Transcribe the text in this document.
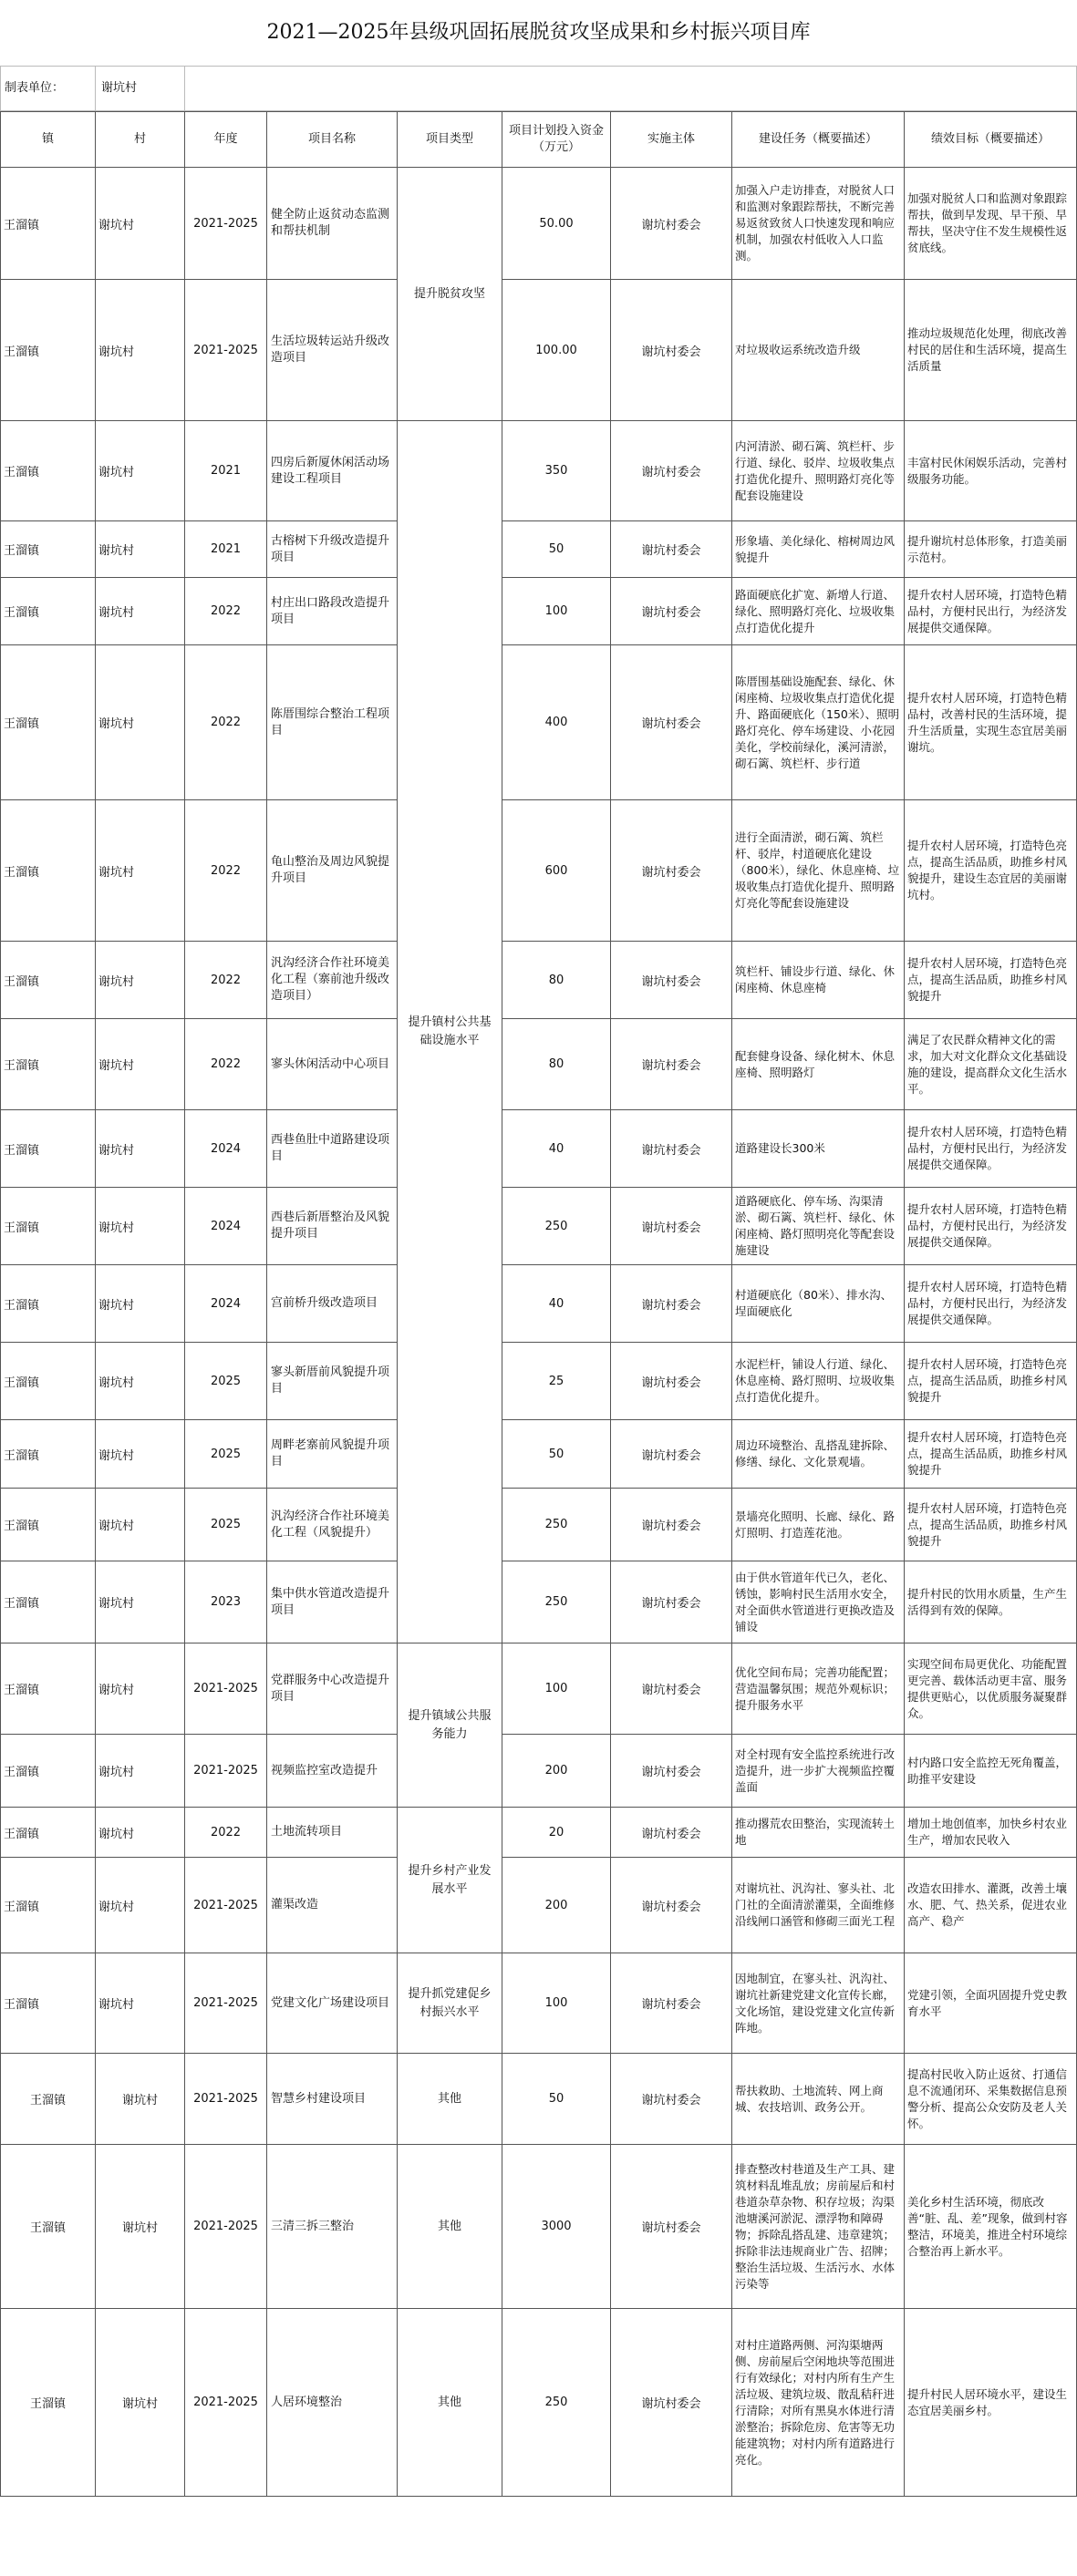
2021—2025年县级巩固拓展脱贫攻坚成果和乡村振兴项目库
制表单位：	谢坑村
镇	村	年度	项目名称	项目类型	项目计划投入资金（万元）	实施主体	建设任务（概要描述）	绩效目标（概要描述）
王溜镇	谢坑村	2021-2025	健全防止返贫动态监测和帮扶机制	提升脱贫攻坚	50.00	谢坑村委会	加强入户走访排查，对脱贫人口和监测对象跟踪帮扶，不断完善易返贫致贫人口快速发现和响应机制，加强农村低收入人口监测。	加强对脱贫人口和监测对象跟踪帮扶，做到早发现、早干预、早帮扶，坚决守住不发生规模性返贫底线。
王溜镇	谢坑村	2021-2025	生活垃圾转运站升级改造项目		100.00	谢坑村委会	对垃圾收运系统改造升级	推动垃圾规范化处理，彻底改善村民的居住和生活环境，提高生活质量
王溜镇	谢坑村	2021	四房后新厦休闲活动场建设工程项目	提升镇村公共基础设施水平	350	谢坑村委会	内河清淤、砌石篱、筑栏杆、步行道、绿化、驳岸、垃圾收集点打造优化提升、照明路灯亮化等配套设施建设	丰富村民休闲娱乐活动，完善村级服务功能。
王溜镇	谢坑村	2021	古榕树下升级改造提升项目		50	谢坑村委会	形象墙、美化绿化、榕树周边风貌提升	提升谢坑村总体形象，打造美丽示范村。
王溜镇	谢坑村	2022	村庄出口路段改造提升项目		100	谢坑村委会	路面硬底化扩宽、新增人行道、绿化、照明路灯亮化、垃圾收集点打造优化提升	提升农村人居环境，打造特色精品村，方便村民出行，为经济发展提供交通保障。
王溜镇	谢坑村	2022	陈厝围综合整治工程项目		400	谢坑村委会	陈厝围基础设施配套、绿化、休闲座椅、垃圾收集点打造优化提升、路面硬底化（150米）、照明路灯亮化、停车场建设、小花园美化，学校前绿化，溪河清淤，砌石篱、筑栏杆、步行道	提升农村人居环境，打造特色精品村，改善村民的生活环境，提升生活质量，实现生态宜居美丽谢坑。
王溜镇	谢坑村	2022	龟山整治及周边风貌提升项目		600	谢坑村委会	进行全面清淤，砌石篱、筑栏杆、驳岸，村道硬底化建设（800米），绿化、休息座椅、垃圾收集点打造优化提升、照明路灯亮化等配套设施建设	提升农村人居环境，打造特色亮点，提高生活品质，助推乡村风貌提升，建设生态宜居的美丽谢坑村。
王溜镇	谢坑村	2022	汎沟经济合作社环境美化工程（寨前池升级改造项目）		80	谢坑村委会	筑栏杆、铺设步行道、绿化、休闲座椅、休息座椅	提升农村人居环境，打造特色亮点，提高生活品质，助推乡村风貌提升
王溜镇	谢坑村	2022	寥头休闲活动中心项目		80	谢坑村委会	配套健身设备、绿化树木、休息座椅、照明路灯	满足了农民群众精神文化的需求，加大对文化群众文化基础设施的建设，提高群众文化生活水平。
王溜镇	谢坑村	2024	西巷鱼肚中道路建设项目		40	谢坑村委会	道路建设长300米	提升农村人居环境，打造特色精品村，方便村民出行，为经济发展提供交通保障。
王溜镇	谢坑村	2024	西巷后新厝整治及风貌提升项目		250	谢坑村委会	道路硬底化、停车场、沟渠清淤、砌石篱、筑栏杆、绿化、休闲座椅、路灯照明亮化等配套设施建设	提升农村人居环境，打造特色精品村，方便村民出行，为经济发展提供交通保障。
王溜镇	谢坑村	2024	宫前桥升级改造项目		40	谢坑村委会	村道硬底化（80米）、排水沟、埕面硬底化	提升农村人居环境，打造特色精品村，方便村民出行，为经济发展提供交通保障。
王溜镇	谢坑村	2025	寥头新厝前风貌提升项目		25	谢坑村委会	水泥栏杆，铺设人行道、绿化、休息座椅、路灯照明、垃圾收集点打造优化提升。	提升农村人居环境，打造特色亮点，提高生活品质，助推乡村风貌提升
王溜镇	谢坑村	2025	周畔老寨前风貌提升项目		50	谢坑村委会	周边环境整治、乱搭乱建拆除、修缮、绿化、文化景观墙。	提升农村人居环境，打造特色亮点，提高生活品质，助推乡村风貌提升
王溜镇	谢坑村	2025	汎沟经济合作社环境美化工程（风貌提升）		250	谢坑村委会	景墙亮化照明、长廊、绿化、路灯照明、打造莲花池。	提升农村人居环境，打造特色亮点，提高生活品质，助推乡村风貌提升
王溜镇	谢坑村	2023	集中供水管道改造提升项目		250	谢坑村委会	由于供水管道年代已久，老化、锈蚀，影响村民生活用水安全，对全面供水管道进行更换改造及铺设	提升村民的饮用水质量，生产生活得到有效的保障。
王溜镇	谢坑村	2021-2025	党群服务中心改造提升项目	提升镇域公共服务能力	100	谢坑村委会	优化空间布局；完善功能配置；营造温馨氛围；规范外观标识；提升服务水平	实现空间布局更优化、功能配置更完善、载体活动更丰富、服务提供更贴心，以优质服务凝聚群众。
王溜镇	谢坑村	2021-2025	视频监控室改造提升		200	谢坑村委会	对全村现有安全监控系统进行改造提升，进一步扩大视频监控覆盖面	村内路口安全监控无死角覆盖，助推平安建设
王溜镇	谢坑村	2022	土地流转项目	提升乡村产业发展水平	20	谢坑村委会	推动撂荒农田整治，实现流转土地	增加土地创值率，加快乡村农业生产，增加农民收入
王溜镇	谢坑村	2021-2025	灌渠改造		200	谢坑村委会	对谢坑社、汎沟社、寥头社、北门社的全面清淤灌渠，全面维修沿线闸口涵管和修砌三面光工程	改造农田排水、灌溉，改善土壤水、肥、气、热关系，促进农业高产、稳产
王溜镇	谢坑村	2021-2025	党建文化广场建设项目	提升抓党建促乡村振兴水平	100	谢坑村委会	因地制宜，在寥头社、汎沟社、谢坑社新建党建文化宣传长廊，文化场馆，建设党建文化宣传新阵地。	党建引领，全面巩固提升党史教育水平
王溜镇	谢坑村	2021-2025	智慧乡村建设项目	其他	50	谢坑村委会	帮扶救助、土地流转、网上商城、农技培训、政务公开。	提高村民收入防止返贫、打通信息不流通闭环、采集数据信息预警分析、提高公众安防及老人关怀。
王溜镇	谢坑村	2021-2025	三清三拆三整治	其他	3000	谢坑村委会	排查整改村巷道及生产工具、建筑材料乱堆乱放；房前屋后和村巷道杂草杂物、积存垃圾；沟渠池塘溪河淤泥、漂浮物和障碍物；拆除乱搭乱建、违章建筑；拆除非法违规商业广告、招牌；整治生活垃圾、生活污水、水体污染等	美化乡村生活环境，彻底改善“脏、乱、差”现象，做到村容整洁，环境美，推进全村环境综合整治再上新水平。
王溜镇	谢坑村	2021-2025	人居环境整治	其他	250	谢坑村委会	对村庄道路两侧、河沟渠塘两侧、房前屋后空闲地块等范围进行有效绿化；对村内所有生产生活垃圾、建筑垃圾、散乱秸秆进行清除；对所有黑臭水体进行清淤整治；拆除危房、危害等无功能建筑物；对村内所有道路进行亮化。	提升村民人居环境水平，建设生态宜居美丽乡村。
